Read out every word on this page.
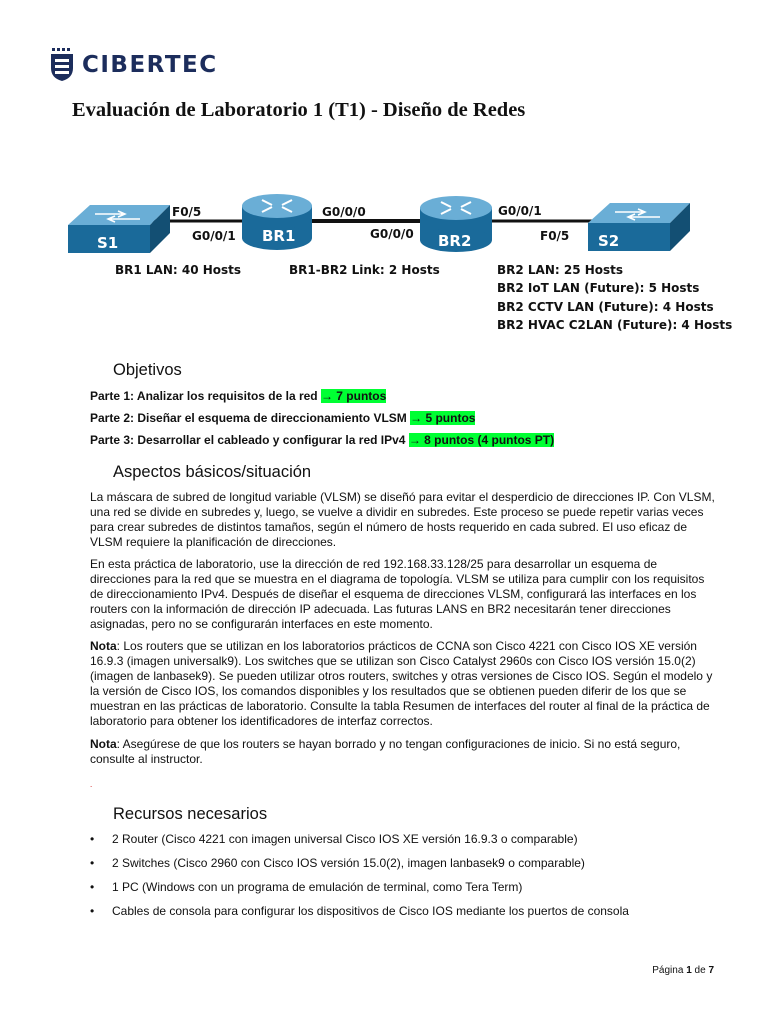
CIBERTEC
Evaluación de Laboratorio 1 (T1) - Diseño de Redes
S1	BR1	BR2	S2
F0/5
G0/0/1
G0/0/0
G0/0/0
G0/0/1
F0/5
BR1 LAN: 40 Hosts	BR1-BR2 Link: 2 Hosts	BR2 LAN: 25 Hosts
BR2 IoT LAN (Future): 5 Hosts
BR2 CCTV LAN (Future): 4 Hosts
BR2 HVAC C2LAN (Future): 4 Hosts
Objetivos
Parte 1: Analizar los requisitos de la red → 7 puntos
Parte 2: Diseñar el esquema de direccionamiento VLSM → 5 puntos
Parte 3: Desarrollar el cableado y configurar la red IPv4 → 8 puntos (4 puntos PT)
Aspectos básicos/situación

La máscara de subred de longitud variable (VLSM) se diseñó para evitar el desperdicio de direcciones IP. Con VLSM, una red se divide en subredes y, luego, se vuelve a dividir en subredes. Este proceso se puede repetir varias veces para crear subredes de distintos tamaños, según el número de hosts requerido en cada subred. El uso eficaz de VLSM requiere la planificación de direcciones.

En esta práctica de laboratorio, use la dirección de red 192.168.33.128/25 para desarrollar un esquema de direcciones para la red que se muestra en el diagrama de topología. VLSM se utiliza para cumplir con los requisitos de direccionamiento IPv4. Después de diseñar el esquema de direcciones VLSM, configurará las interfaces en los routers con la información de dirección IP adecuada. Las futuras LANS en BR2 necesitarán tener direcciones asignadas, pero no se configurarán interfaces en este momento.

Nota: Los routers que se utilizan en los laboratorios prácticos de CCNA son Cisco 4221 con Cisco IOS XE versión 16.9.3 (imagen universalk9). Los switches que se utilizan son Cisco Catalyst 2960s con Cisco IOS versión 15.0(2) (imagen de lanbasek9). Se pueden utilizar otros routers, switches y otras versiones de Cisco IOS. Según el modelo y la versión de Cisco IOS, los comandos disponibles y los resultados que se obtienen pueden diferir de los que se muestran en las prácticas de laboratorio. Consulte la tabla Resumen de interfaces del router al final de la práctica de laboratorio para obtener los identificadores de interfaz correctos.

Nota: Asegúrese de que los routers se hayan borrado y no tengan configuraciones de inicio. Si no está seguro, consulte al instructor.

.
Recursos necesarios
• 2 Router (Cisco 4221 con imagen universal Cisco IOS XE versión 16.9.3 o comparable)
• 2 Switches (Cisco 2960 con Cisco IOS versión 15.0(2), imagen lanbasek9 o comparable)
• 1 PC (Windows con un programa de emulación de terminal, como Tera Term)
• Cables de consola para configurar los dispositivos de Cisco IOS mediante los puertos de consola
Página 1 de 7
